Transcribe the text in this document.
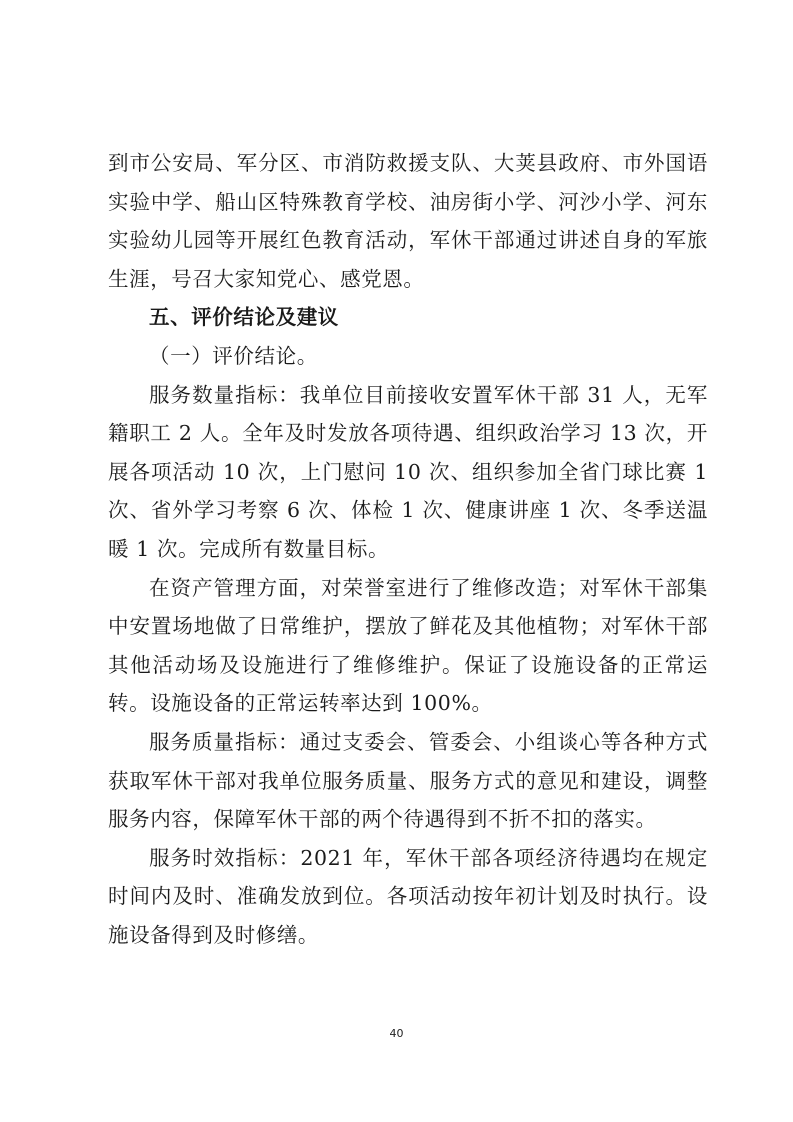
到市公安局、军分区、市消防救援支队、大荚县政府、市外国语实验中学、船山区特殊教育学校、油房街小学、河沙小学、河东实验幼儿园等开展红色教育活动，军休干部通过讲述自身的军旅生涯，号召大家知党心、感党恩。

五、评价结论及建议

（一）评价结论。

服务数量指标：我单位目前接收安置军休干部 31 人，无军籍职工 2 人。全年及时发放各项待遇、组织政治学习 13 次，开展各项活动 10 次，上门慰问 10 次、组织参加全省门球比赛 1 次、省外学习考察 6 次、体检 1 次、健康讲座 1 次、冬季送温暖 1 次。完成所有数量目标。

在资产管理方面，对荣誉室进行了维修改造；对军休干部集中安置场地做了日常维护，摆放了鲜花及其他植物；对军休干部其他活动场及设施进行了维修维护。保证了设施设备的正常运转。设施设备的正常运转率达到 100%。

服务质量指标：通过支委会、管委会、小组谈心等各种方式获取军休干部对我单位服务质量、服务方式的意见和建设，调整服务内容，保障军休干部的两个待遇得到不折不扣的落实。

服务时效指标：2021 年，军休干部各项经济待遇均在规定时间内及时、准确发放到位。各项活动按年初计划及时执行。设施设备得到及时修缮。

40
